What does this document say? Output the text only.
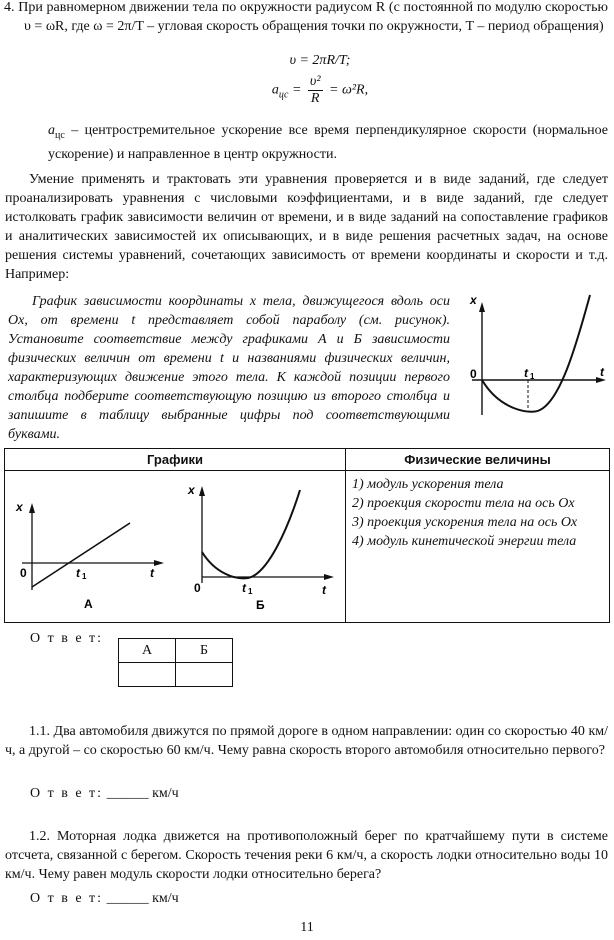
4. При равномерном движении тела по окружности радиусом R (с постоянной по модулю скоростью υ = ωR, где ω = 2π/T – угловая скорость обращения точки по окружности, T – период обращения)
υ = 2πR/T;
$a_{цс} = \frac{\text{υ²}}{R} = \omega^2R$,
$a_{цс}$ – центростремительное ускорение все время перпендикулярное скорости (нормальное ускорение) и направленное в центр окружности.
Умение применять и трактовать эти уравнения проверяется и в виде заданий, где следует проанализировать уравнения с числовыми коэффициентами, и в виде заданий, где следует истолковать график зависимости величин от времени, и в виде заданий на сопоставление графиков и аналитических зависимостей их описывающих, и в виде решения расчетных задач, на основе решения системы уравнений, сочетающих зависимость от времени координаты и скорости и т.д. Например:
График зависимости координаты x тела, движущегося вдоль оси Ox, от времени t представляет собой параболу (см. рисунок). Установите соответствие между графиками А и Б зависимости физических величин от времени t и названиями физических величин, характеризующих движение этого тела. К каждой позиции первого столбца подберите соответствующую позицию из второго столбца и запишите в таблицу выбранные цифры под соответствующими буквами.
x
0	t
t 1
Графики	Физические величины

	1) модуль ускорения тела
2) проекция скорости тела на ось Ox
3) проекция ускорения тела на ось Ox
4) модуль кинетической энергии тела
x
0	t
t 1
А
x
0	t
t 1
Б
О т в е т:
А	Б

1.1. Два автомобиля движутся по прямой дороге в одном направлении: один со скоростью 40 км/ч, а другой – со скоростью 60 км/ч. Чему равна скорость второго автомобиля относительно первого?
О т в е т: ______ км/ч
1.2. Моторная лодка движется на противоположный берег по кратчайшему пути в системе отсчета, связанной с берегом. Скорость течения реки 6 км/ч, а скорость лодки относительно воды 10 км/ч. Чему равен модуль скорости лодки относительно берега?
О т в е т: ______ км/ч
11
